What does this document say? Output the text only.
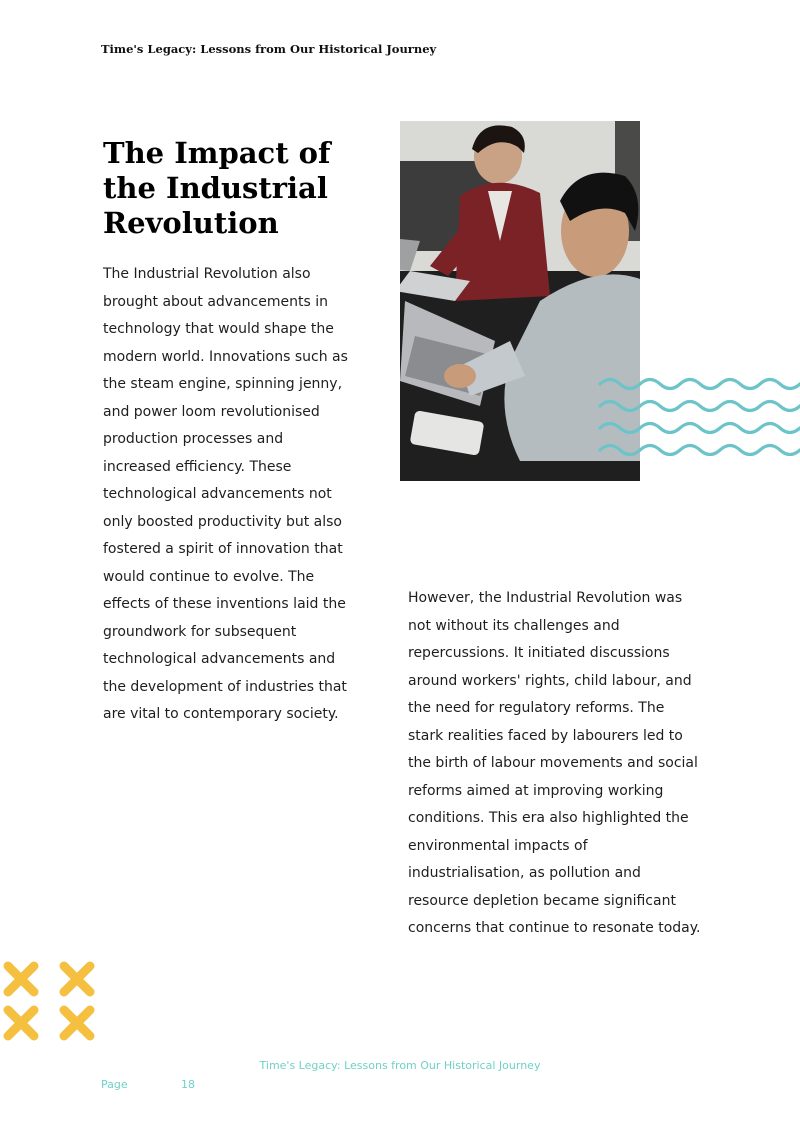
Time's Legacy: Lessons from Our Historical Journey
The Impact of the Industrial Revolution

The Industrial Revolution also brought about advancements in technology that would shape the modern world. Innovations such as the steam engine, spinning jenny, and power loom revolutionised production processes and increased efficiency. These technological advancements not only boosted productivity but also fostered a spirit of innovation that would continue to evolve. The effects of these inventions laid the groundwork for subsequent technological advancements and the development of industries that are vital to contemporary society.

However, the Industrial Revolution was not without its challenges and repercussions. It initiated discussions around workers' rights, child labour, and the need for regulatory reforms. The stark realities faced by labourers led to the birth of labour movements and social reforms aimed at improving working conditions. This era also highlighted the environmental impacts of industrialisation, as pollution and resource depletion became significant concerns that continue to resonate today.

Time's Legacy: Lessons from Our Historical Journey
Page	18
